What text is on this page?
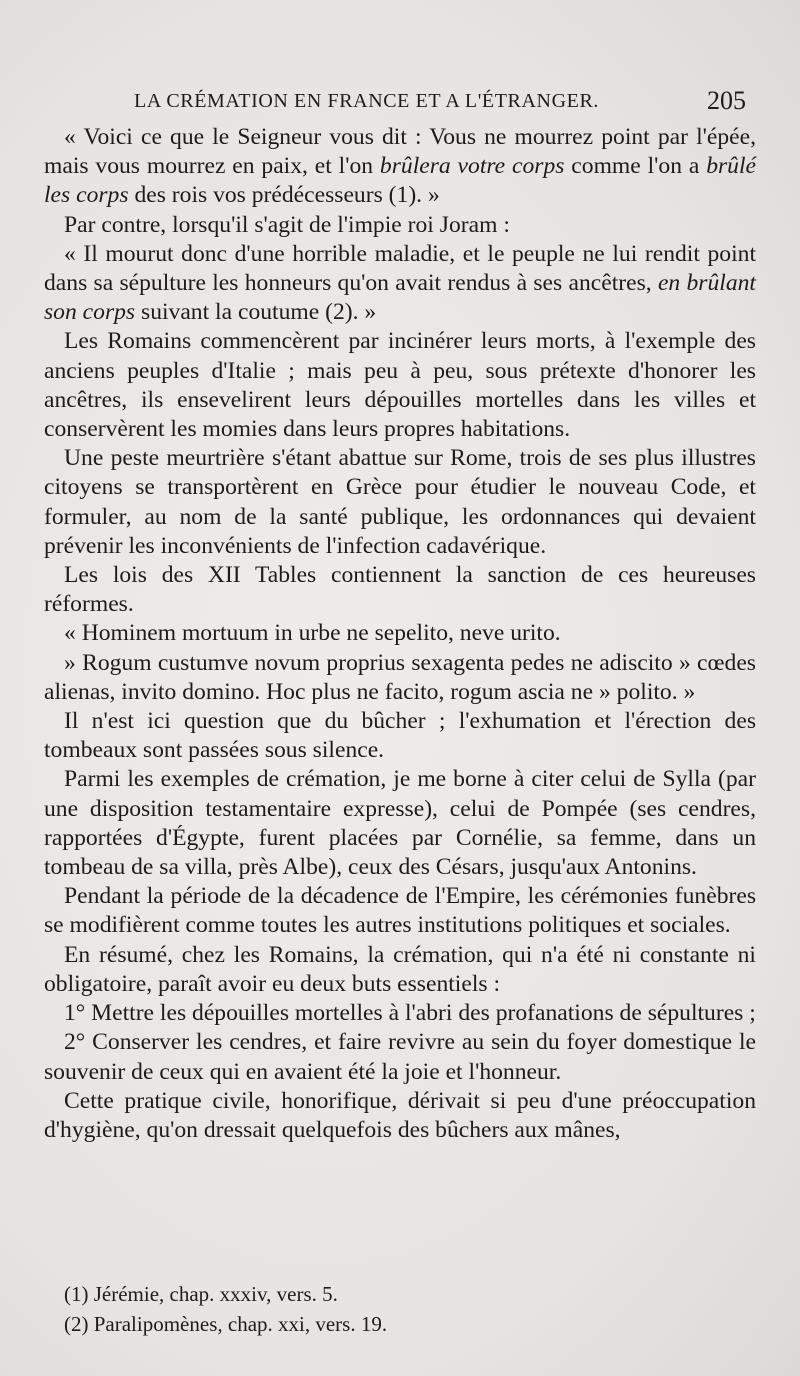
LA CRÉMATION EN FRANCE ET A L'ÉTRANGER.	205

« Voici ce que le Seigneur vous dit : Vous ne mourrez point par l'épée, mais vous mourrez en paix, et l'on brûlera votre corps comme l'on a brûlé les corps des rois vos prédécesseurs (1). »

Par contre, lorsqu'il s'agit de l'impie roi Joram :

« Il mourut donc d'une horrible maladie, et le peuple ne lui rendit point dans sa sépulture les honneurs qu'on avait rendus à ses ancêtres, en brûlant son corps suivant la coutume (2). »

Les Romains commencèrent par incinérer leurs morts, à l'exemple des anciens peuples d'Italie ; mais peu à peu, sous prétexte d'honorer les ancêtres, ils ensevelirent leurs dépouilles mortelles dans les villes et conservèrent les momies dans leurs propres habitations.

Une peste meurtrière s'étant abattue sur Rome, trois de ses plus illustres citoyens se transportèrent en Grèce pour étudier le nouveau Code, et formuler, au nom de la santé publique, les ordonnances qui devaient prévenir les inconvénients de l'infection cadavérique.

Les lois des XII Tables contiennent la sanction de ces heureuses réformes.

« Hominem mortuum in urbe ne sepelito, neve urito.

» Rogum custumve novum proprius sexagenta pedes ne adiscito » cœdes alienas, invito domino. Hoc plus ne facito, rogum ascia ne » polito. »

Il n'est ici question que du bûcher ; l'exhumation et l'érection des tombeaux sont passées sous silence.

Parmi les exemples de crémation, je me borne à citer celui de Sylla (par une disposition testamentaire expresse), celui de Pompée (ses cendres, rapportées d'Égypte, furent placées par Cornélie, sa femme, dans un tombeau de sa villa, près Albe), ceux des Césars, jusqu'aux Antonins.

Pendant la période de la décadence de l'Empire, les cérémonies funèbres se modifièrent comme toutes les autres institutions politiques et sociales.

En résumé, chez les Romains, la crémation, qui n'a été ni constante ni obligatoire, paraît avoir eu deux buts essentiels :

1° Mettre les dépouilles mortelles à l'abri des profanations de sépultures ;

2° Conserver les cendres, et faire revivre au sein du foyer domestique le souvenir de ceux qui en avaient été la joie et l'honneur.

Cette pratique civile, honorifique, dérivait si peu d'une préoccupation d'hygiène, qu'on dressait quelquefois des bûchers aux mânes,

(1) Jérémie, chap. xxxiv, vers. 5.
(2) Paralipomènes, chap. xxi, vers. 19.
